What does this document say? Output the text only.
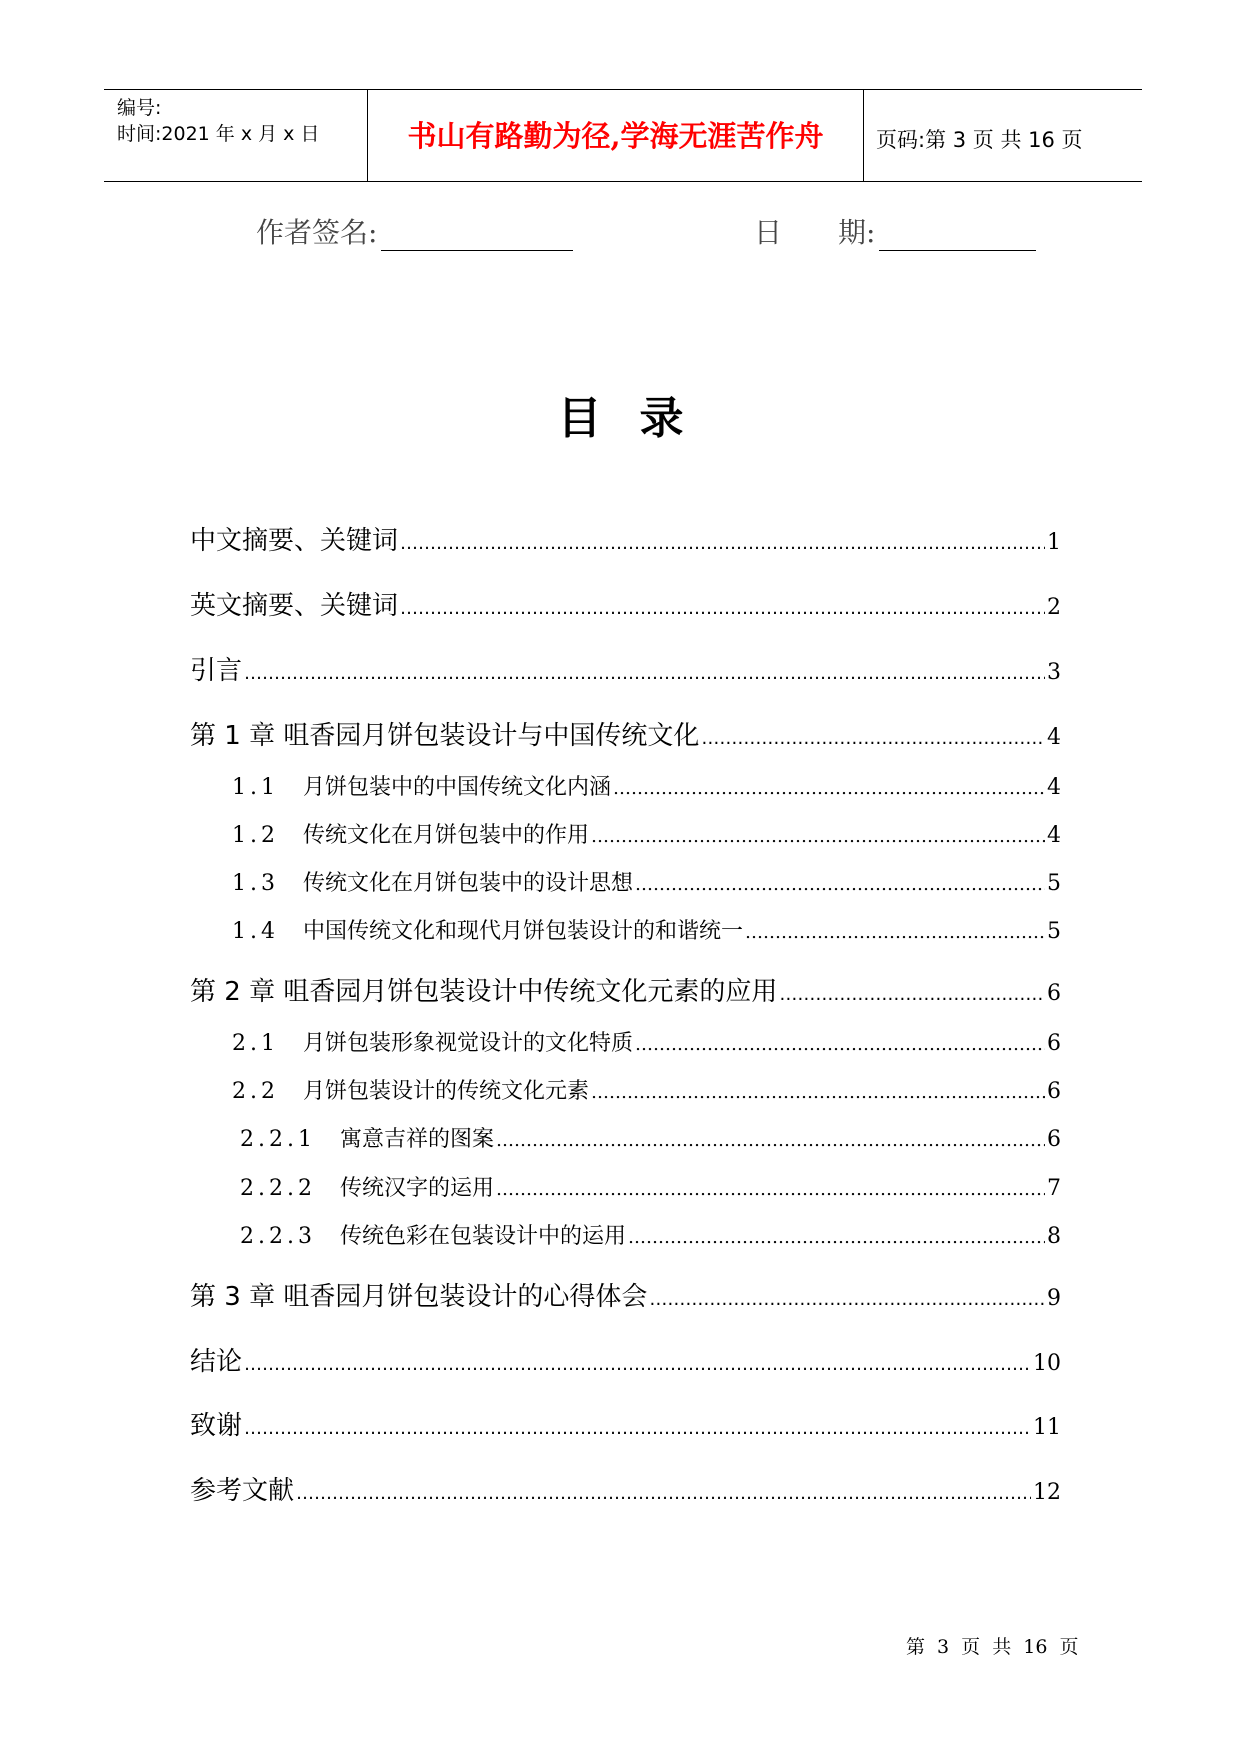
编号:
时间:2021 年 x 月 x 日	书山有路勤为径,学海无涯苦作舟	页码:第 3 页 共 16 页
作者签名:	日　　期:
目录
中文摘要、关键词 ………………………………………………………………………………………………………………………………………………………………	1
英文摘要、关键词 ………………………………………………………………………………………………………………………………………………………………	2
引言 ………………………………………………………………………………………………………………………………………………………………	3
第 1 章 咀香园月饼包装设计与中国传统文化 ………………………………………………………………………………………………………………………………………………………………	4
1.1 月饼包装中的中国传统文化内涵 ………………………………………………………………………………………………………………………………………………………………	4
1.2 传统文化在月饼包装中的作用 ………………………………………………………………………………………………………………………………………………………………	4
1.3 传统文化在月饼包装中的设计思想 ………………………………………………………………………………………………………………………………………………………………	5
1.4 中国传统文化和现代月饼包装设计的和谐统一 ………………………………………………………………………………………………………………………………………………………………	5
第 2 章 咀香园月饼包装设计中传统文化元素的应用 ………………………………………………………………………………………………………………………………………………………………	6
2.1 月饼包装形象视觉设计的文化特质 ………………………………………………………………………………………………………………………………………………………………	6
2.2 月饼包装设计的传统文化元素 ………………………………………………………………………………………………………………………………………………………………	6
2.2.1 寓意吉祥的图案 ………………………………………………………………………………………………………………………………………………………………	6
2.2.2 传统汉字的运用 ………………………………………………………………………………………………………………………………………………………………	7
2.2.3 传统色彩在包装设计中的运用 ………………………………………………………………………………………………………………………………………………………………	8
第 3 章 咀香园月饼包装设计的心得体会 ………………………………………………………………………………………………………………………………………………………………	9
结论 ………………………………………………………………………………………………………………………………………………………………	10
致谢 ………………………………………………………………………………………………………………………………………………………………	11
参考文献 ………………………………………………………………………………………………………………………………………………………………	12
第 3 页 共 16 页
